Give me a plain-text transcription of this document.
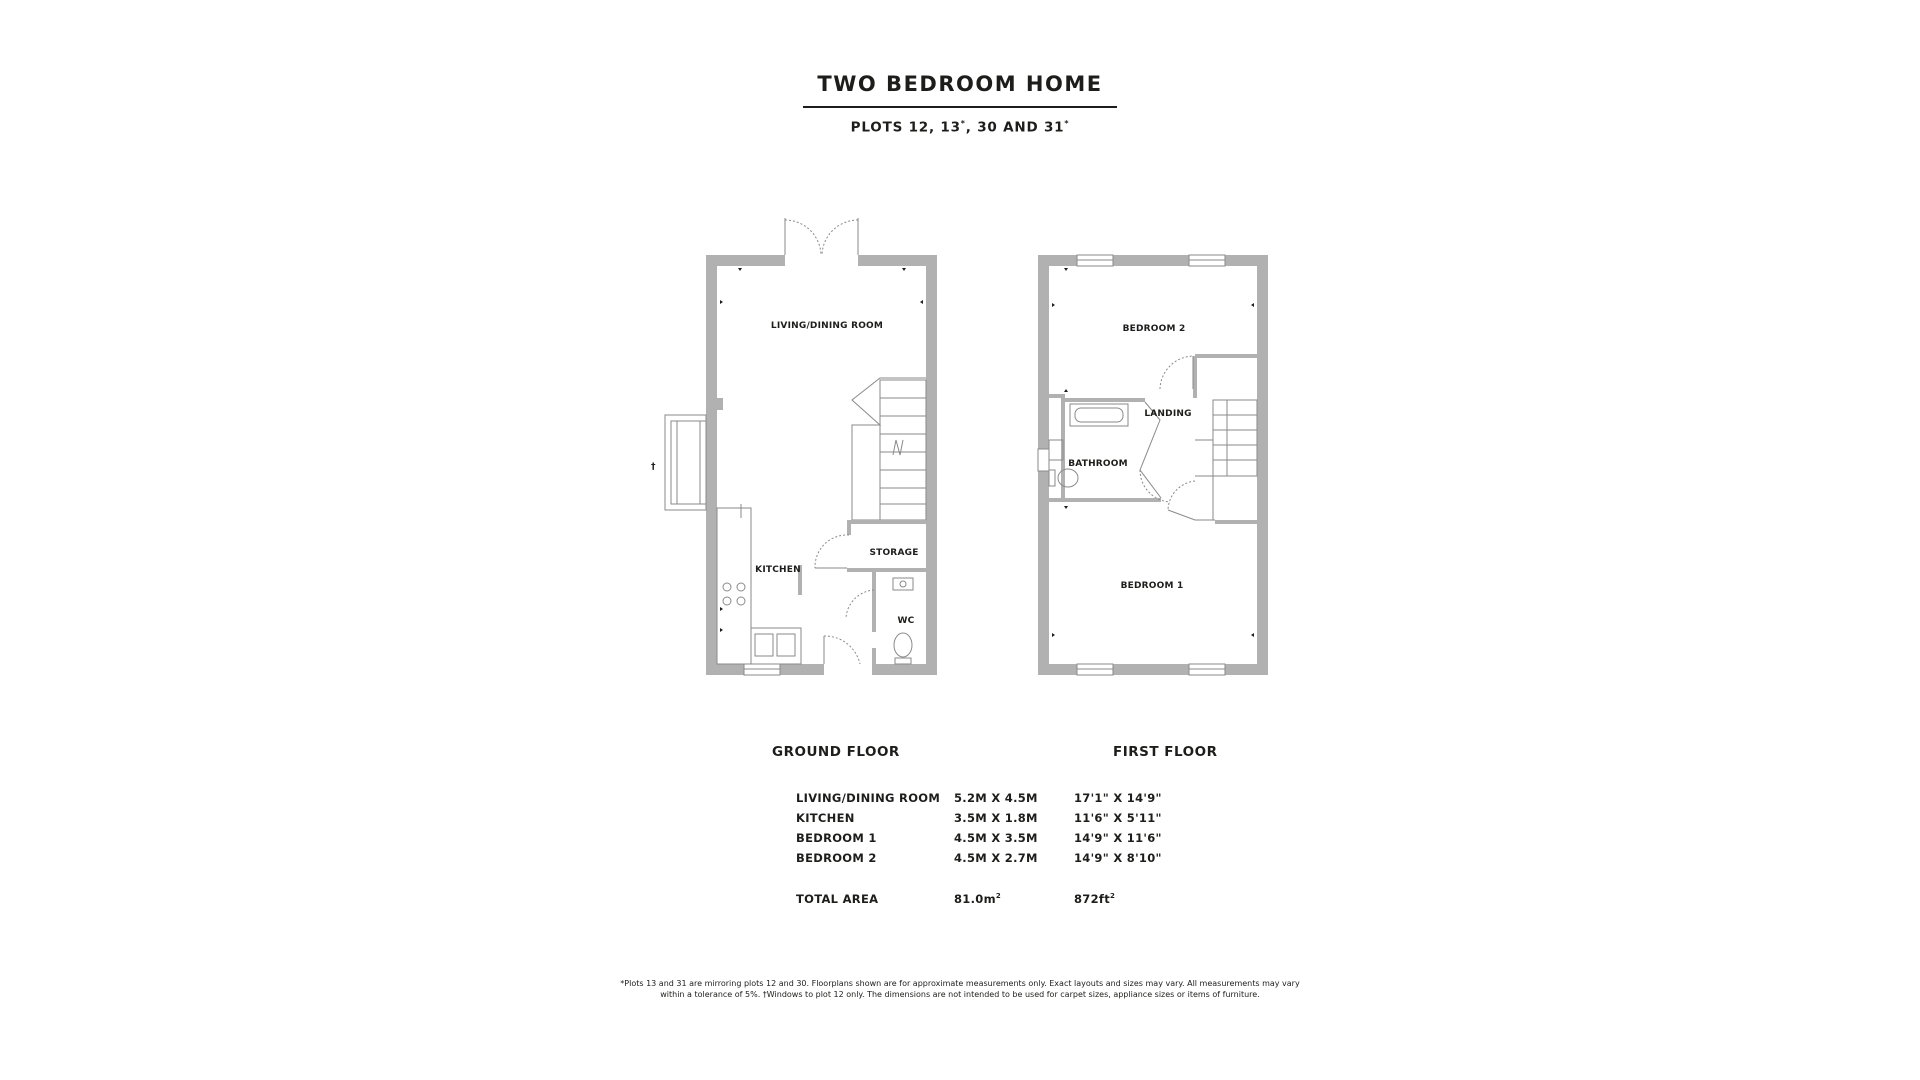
TWO BEDROOM HOME
PLOTS 12, 13*, 30 AND 31*
†
LIVING/DINING ROOM
KITCHEN
STORAGE
WC
BEDROOM 2
LANDING
BATHROOM
BEDROOM 1
GROUND FLOOR	FIRST FLOOR
LIVING/DINING ROOM	5.2M X 4.5M	17'1" X 14'9"
KITCHEN	3.5M X 1.8M	11'6" X 5'11"
BEDROOM 1	4.5M X 3.5M	14'9" X 11'6"
BEDROOM 2	4.5M X 2.7M	14'9" X 8'10"

TOTAL AREA	$81.0m^2$	$872ft^2$
*Plots 13 and 31 are mirroring plots 12 and 30. Floorplans shown are for approximate measurements only. Exact layouts and sizes may vary. All measurements may vary
within a tolerance of 5%. †Windows to plot 12 only. The dimensions are not intended to be used for carpet sizes, appliance sizes or items of furniture.
